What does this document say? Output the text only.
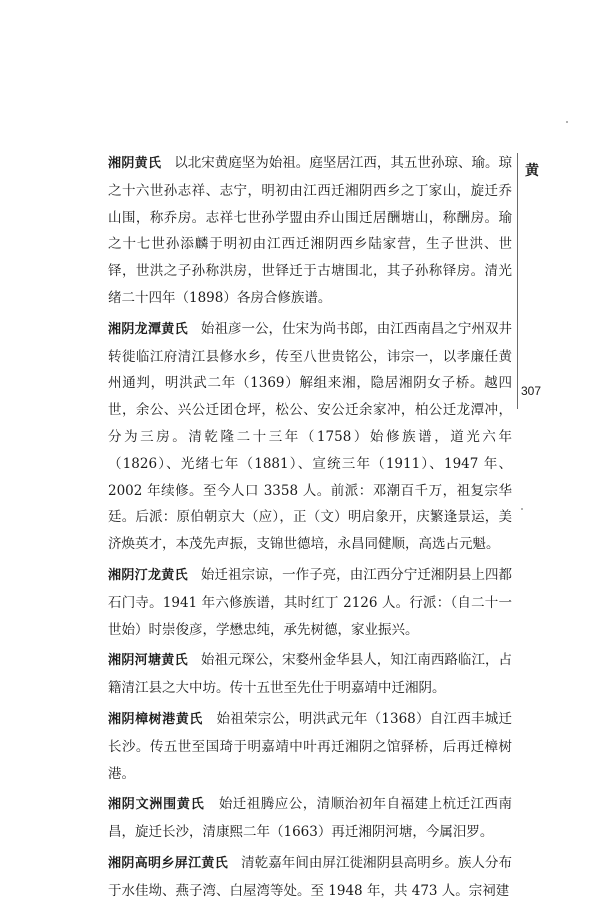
湘阴黄氏 以北宋黄庭坚为始祖。庭坚居江西，其五世孙琼、瑜。琼之十六世孙志祥、志宁，明初由江西迁湘阴西乡之丁家山，旋迁乔山围，称乔房。志祥七世孙学盟由乔山围迁居酬塘山，称酬房。瑜之十七世孙添麟于明初由江西迁湘阴西乡陆家营，生子世洪、世铎，世洪之子孙称洪房，世铎迁于古塘围北，其子孙称铎房。清光绪二十四年（1898）各房合修族谱。

湘阴龙潭黄氏 始祖彦一公，仕宋为尚书郎，由江西南昌之宁州双井转徙临江府清江县修水乡，传至八世贵铭公，讳宗一，以孝廉任黄州通判，明洪武二年（1369）解组来湘，隐居湘阴女子桥。越四世，余公、兴公迁团仓坪，松公、安公迁余家冲，柏公迁龙潭冲，分为三房。清乾隆二十三年（1758）始修族谱，道光六年（1826）、光绪七年（1881）、宣统三年（1911）、1947 年、2002 年续修。至今人口 3358 人。前派：邓潮百千万，祖复宗华廷。后派：原伯朝京大（应），正（文）明启象开，庆繁逢景运，美济焕英才，本茂先声振，支锦世德培，永昌同健顺，高选占元魁。

湘阴汀龙黄氏 始迁祖宗谅，一作子亮，由江西分宁迁湘阴县上四都石门寺。1941 年六修族谱，其时红丁 2126 人。行派：（自二十一世始）时崇俊彦，学懋忠纯，承先树德，家业振兴。

湘阴河塘黄氏 始祖元琛公，宋婺州金华县人，知江南西路临江，占籍清江县之大中坊。传十五世至先仕于明嘉靖中迁湘阴。

湘阴樟树港黄氏 始祖荣宗公，明洪武元年（1368）自江西丰城迁长沙。传五世至国琦于明嘉靖中叶再迁湘阴之馆驿桥，后再迁樟树港。

湘阴文洲围黄氏 始迁祖腾应公，清顺治初年自福建上杭迁江西南昌，旋迁长沙，清康熙二年（1663）再迁湘阴河塘，今属汨罗。

湘阴高明乡屏江黄氏 清乾嘉年间由屏江徙湘阴县高明乡。族人分布于水佳坳、燕子湾、白屋湾等处。至 1948 年，共 473 人。宗祠建

黄
307
